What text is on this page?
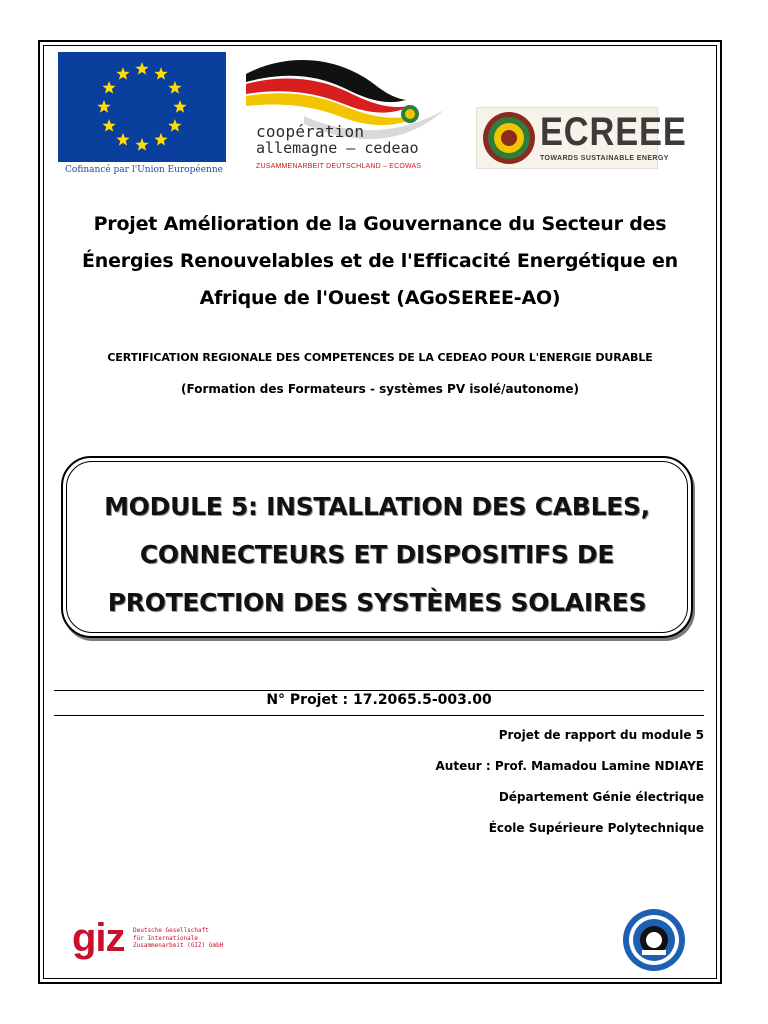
Cofinancé par l'Union Européenne
coopération
allemagne – cedeao
ZUSAMMENARBEIT DEUTSCHLAND – ECOWAS
ECREEE
TOWARDS SUSTAINABLE ENERGY
Projet Amélioration de la Gouvernance du Secteur des
Énergies Renouvelables et de l'Efficacité Energétique en
Afrique de l'Ouest (AGoSEREE-AO)
CERTIFICATION REGIONALE DES COMPETENCES DE LA CEDEAO POUR L'ENERGIE DURABLE
(Formation des Formateurs - systèmes PV isolé/autonome)
MODULE 5: INSTALLATION DES CABLES,
CONNECTEURS ET DISPOSITIFS DE
PROTECTION DES SYSTÈMES SOLAIRES
N° Projet : 17.2065.5-003.00
Projet de rapport du module 5
Auteur : Prof. Mamadou Lamine NDIAYE
Département Génie électrique
École Supérieure Polytechnique
giz Deutsche Gesellschaft
für Internationale
Zusammenarbeit (GIZ) GmbH
